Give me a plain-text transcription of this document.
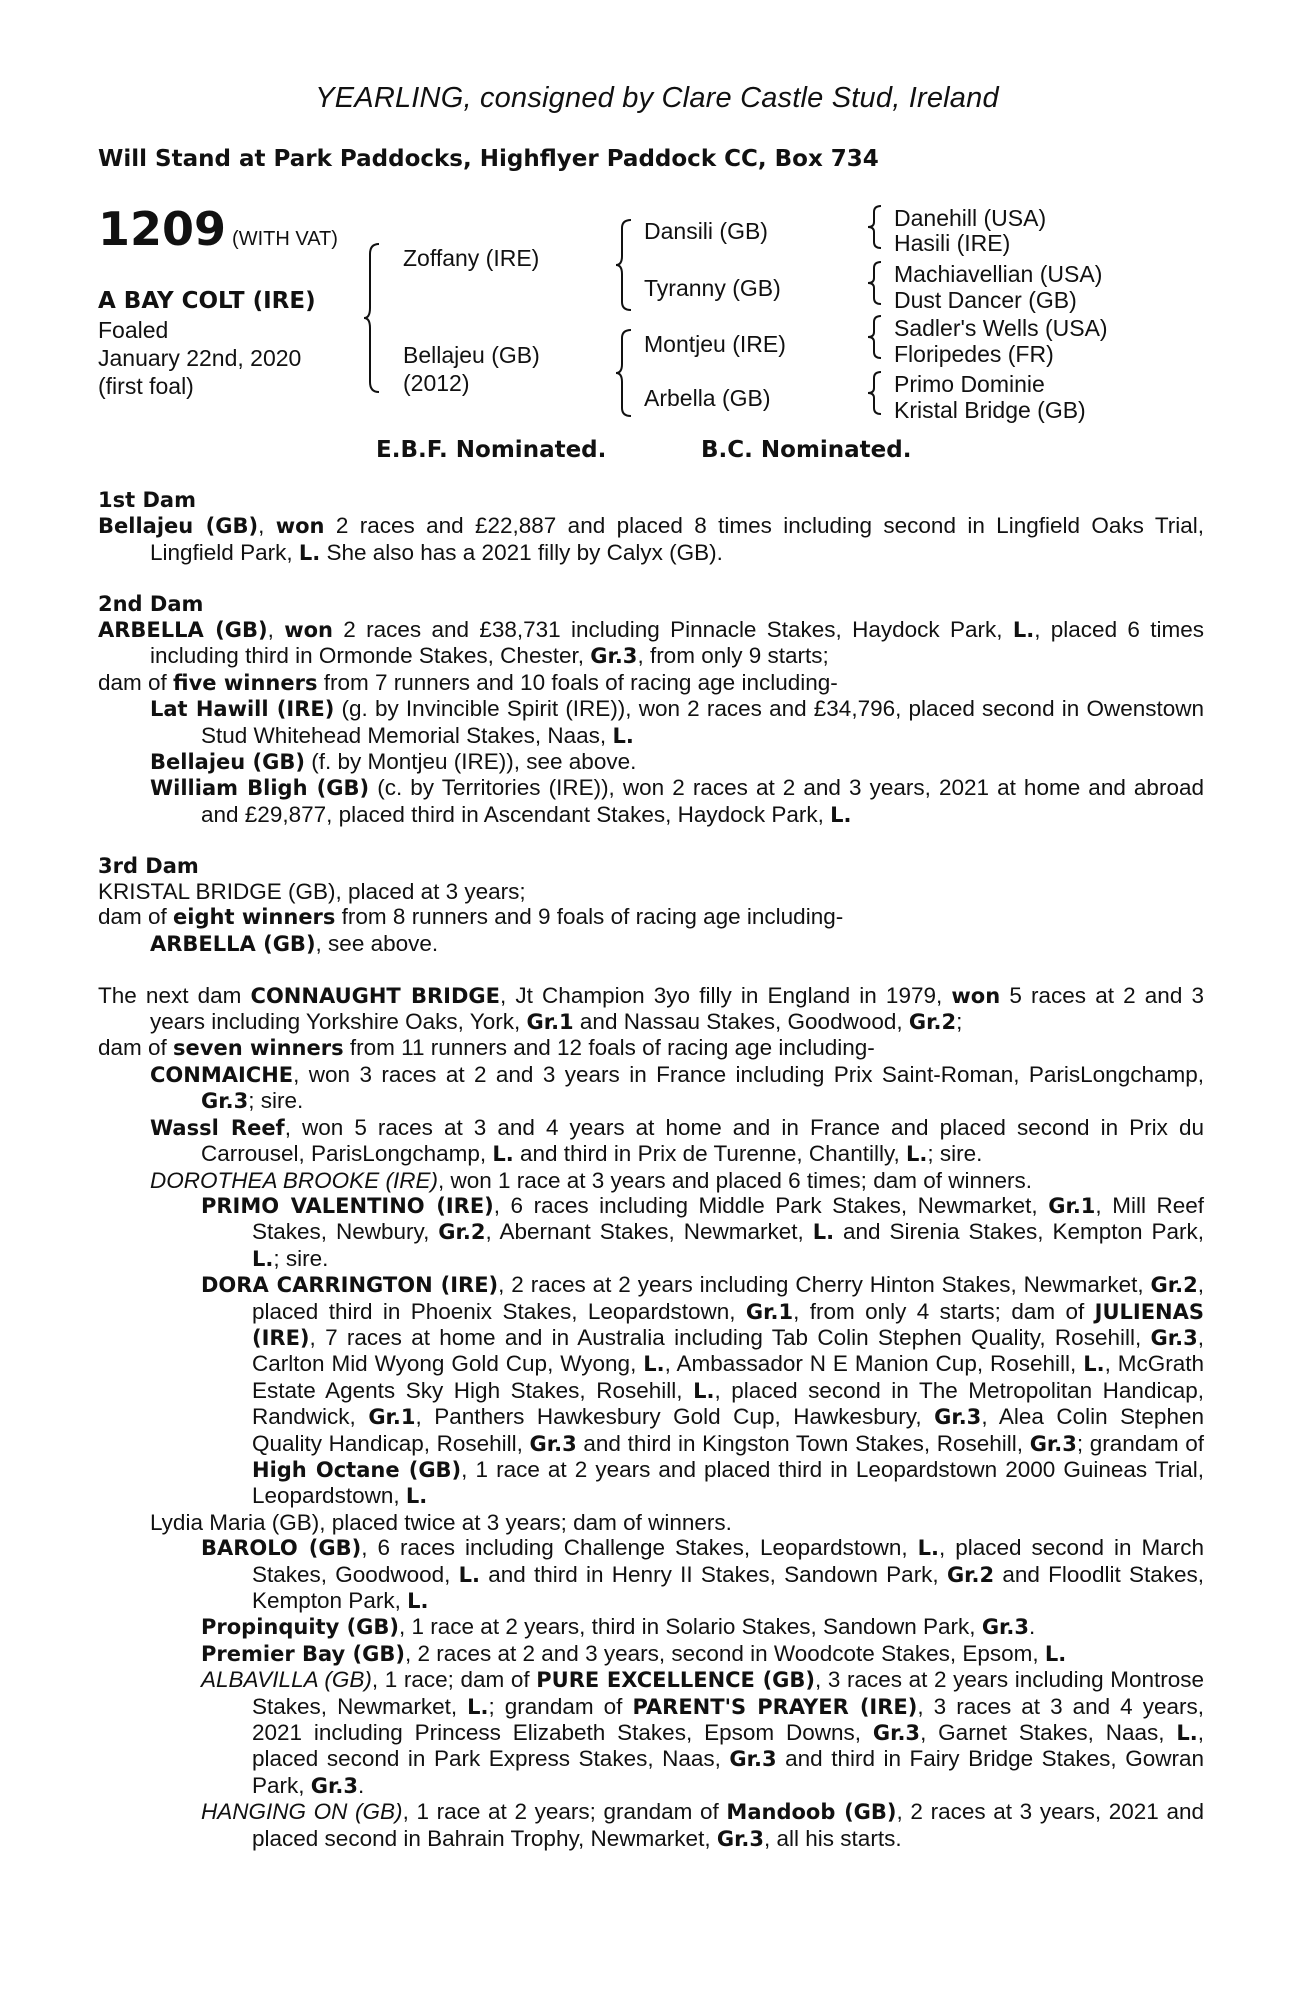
YEARLING, consigned by Clare Castle Stud, Ireland
Will Stand at Park Paddocks, Highflyer Paddock CC, Box 734
1209 (WITH VAT)
A BAY COLT (IRE)
Foaled
January 22nd, 2020
(first foal)
Zoffany (IRE)
Bellajeu (GB)
(2012)
Dansili (GB)
Tyranny (GB)
Montjeu (IRE)
Arbella (GB)
Danehill (USA)
Hasili (IRE)
Machiavellian (USA)
Dust Dancer (GB)
Sadler's Wells (USA)
Floripedes (FR)
Primo Dominie
Kristal Bridge (GB)
E.B.F. Nominated.	B.C. Nominated.
1st Dam
Bellajeu (GB), won 2 races and £22,887 and placed 8 times including second in Lingfield Oaks Trial, Lingfield Park, L. She also has a 2021 filly by Calyx (GB).
2nd Dam
ARBELLA (GB), won 2 races and £38,731 including Pinnacle Stakes, Haydock Park, L., placed 6 times including third in Ormonde Stakes, Chester, Gr.3, from only 9 starts;
dam of five winners from 7 runners and 10 foals of racing age including-
Lat Hawill (IRE) (g. by Invincible Spirit (IRE)), won 2 races and £34,796, placed second in Owenstown Stud Whitehead Memorial Stakes, Naas, L.
Bellajeu (GB) (f. by Montjeu (IRE)), see above.
William Bligh (GB) (c. by Territories (IRE)), won 2 races at 2 and 3 years, 2021 at home and abroad and £29,877, placed third in Ascendant Stakes, Haydock Park, L.
3rd Dam
KRISTAL BRIDGE (GB), placed at 3 years;
dam of eight winners from 8 runners and 9 foals of racing age including-
ARBELLA (GB), see above.
The next dam CONNAUGHT BRIDGE, Jt Champion 3yo filly in England in 1979, won 5 races at 2 and 3 years including Yorkshire Oaks, York, Gr.1 and Nassau Stakes, Goodwood, Gr.2;
dam of seven winners from 11 runners and 12 foals of racing age including-
CONMAICHE, won 3 races at 2 and 3 years in France including Prix Saint-Roman, ParisLongchamp, Gr.3; sire.
Wassl Reef, won 5 races at 3 and 4 years at home and in France and placed second in Prix du Carrousel, ParisLongchamp, L. and third in Prix de Turenne, Chantilly, L.; sire.
DOROTHEA BROOKE (IRE), won 1 race at 3 years and placed 6 times; dam of winners.
PRIMO VALENTINO (IRE), 6 races including Middle Park Stakes, Newmarket, Gr.1, Mill Reef Stakes, Newbury, Gr.2, Abernant Stakes, Newmarket, L. and Sirenia Stakes, Kempton Park, L.; sire.
DORA CARRINGTON (IRE), 2 races at 2 years including Cherry Hinton Stakes, Newmarket, Gr.2, placed third in Phoenix Stakes, Leopardstown, Gr.1, from only 4 starts; dam of JULIENAS (IRE), 7 races at home and in Australia including Tab Colin Stephen Quality, Rosehill, Gr.3, Carlton Mid Wyong Gold Cup, Wyong, L., Ambassador N E Manion Cup, Rosehill, L., McGrath Estate Agents Sky High Stakes, Rosehill, L., placed second in The Metropolitan Handicap, Randwick, Gr.1, Panthers Hawkesbury Gold Cup, Hawkesbury, Gr.3, Alea Colin Stephen Quality Handicap, Rosehill, Gr.3 and third in Kingston Town Stakes, Rosehill, Gr.3; grandam of High Octane (GB), 1 race at 2 years and placed third in Leopardstown 2000 Guineas Trial, Leopardstown, L.
Lydia Maria (GB), placed twice at 3 years; dam of winners.
BAROLO (GB), 6 races including Challenge Stakes, Leopardstown, L., placed second in March Stakes, Goodwood, L. and third in Henry II Stakes, Sandown Park, Gr.2 and Floodlit Stakes, Kempton Park, L.
Propinquity (GB), 1 race at 2 years, third in Solario Stakes, Sandown Park, Gr.3.
Premier Bay (GB), 2 races at 2 and 3 years, second in Woodcote Stakes, Epsom, L.
ALBAVILLA (GB), 1 race; dam of PURE EXCELLENCE (GB), 3 races at 2 years including Montrose Stakes, Newmarket, L.; grandam of PARENT'S PRAYER (IRE), 3 races at 3 and 4 years, 2021 including Princess Elizabeth Stakes, Epsom Downs, Gr.3, Garnet Stakes, Naas, L., placed second in Park Express Stakes, Naas, Gr.3 and third in Fairy Bridge Stakes, Gowran Park, Gr.3.
HANGING ON (GB), 1 race at 2 years; grandam of Mandoob (GB), 2 races at 3 years, 2021 and placed second in Bahrain Trophy, Newmarket, Gr.3, all his starts.
